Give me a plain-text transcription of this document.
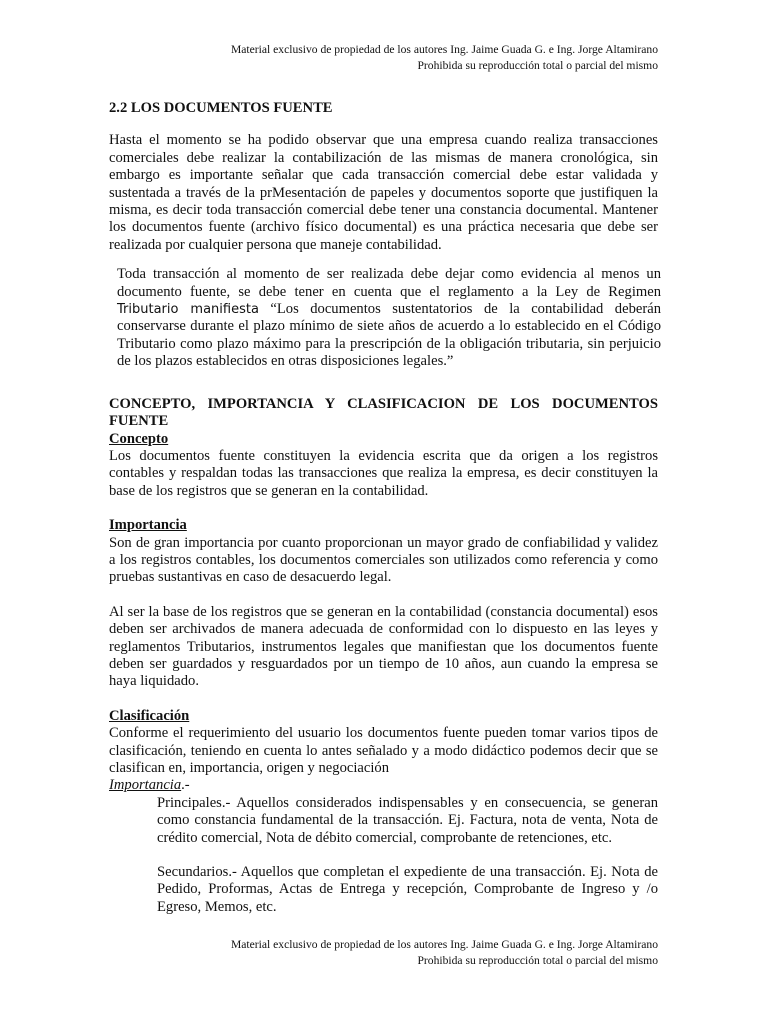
Material exclusivo de propiedad de los autores Ing. Jaime Guada G. e Ing. Jorge Altamirano
Prohibida su reproducción total o parcial del mismo
2.2 LOS DOCUMENTOS FUENTE

Hasta el momento se ha podido observar que una empresa cuando realiza transacciones comerciales debe realizar la contabilización de las mismas de manera cronológica, sin embargo es importante señalar que cada transacción comercial debe estar validada y sustentada a través de la prMesentación de papeles y documentos soporte que justifiquen la misma, es decir toda transacción comercial debe tener una constancia documental. Mantener los documentos fuente (archivo físico documental) es una práctica necesaria que debe ser realizada por cualquier persona que maneje contabilidad.

Toda transacción al momento de ser realizada debe dejar como evidencia al menos un documento fuente, se debe tener en cuenta que el reglamento a la Ley de Regimen Tributario manifiesta “Los documentos sustentatorios de la contabilidad deberán conservarse durante el plazo mínimo de siete años de acuerdo a lo establecido en el Código Tributario como plazo máximo para la prescripción de la obligación tributaria, sin perjuicio de los plazos establecidos en otras disposiciones legales.”

CONCEPTO, IMPORTANCIA Y CLASIFICACION DE LOS DOCUMENTOS FUENTE
Concepto

Los documentos fuente constituyen la evidencia escrita que da origen a los registros contables y respaldan todas las transacciones que realiza la empresa, es decir constituyen la base de los registros que se generan en la contabilidad.

Importancia

Son de gran importancia por cuanto proporcionan un mayor grado de confiabilidad y validez a los registros contables, los documentos comerciales son utilizados como referencia y como pruebas sustantivas en caso de desacuerdo legal.

Al ser la base de los registros que se generan en la contabilidad (constancia documental) esos deben ser archivados de manera adecuada de conformidad con lo dispuesto en las leyes y reglamentos Tributarios, instrumentos legales que manifiestan que los documentos fuente deben ser guardados y resguardados por un tiempo de 10 años, aun cuando la empresa se haya liquidado.

Clasificación

Conforme el requerimiento del usuario los documentos fuente pueden tomar varios tipos de clasificación, teniendo en cuenta lo antes señalado y a modo didáctico podemos decir que se clasifican en, importancia, origen y negociación

Importancia.-

Principales.- Aquellos considerados indispensables y en consecuencia, se generan como constancia fundamental de la transacción. Ej. Factura, nota de venta, Nota de crédito comercial, Nota de débito comercial, comprobante de retenciones, etc.

Secundarios.- Aquellos que completan el expediente de una transacción. Ej. Nota de Pedido, Proformas, Actas de Entrega y recepción, Comprobante de Ingreso y /o Egreso, Memos, etc.

Material exclusivo de propiedad de los autores Ing. Jaime Guada G. e Ing. Jorge Altamirano
Prohibida su reproducción total o parcial del mismo
